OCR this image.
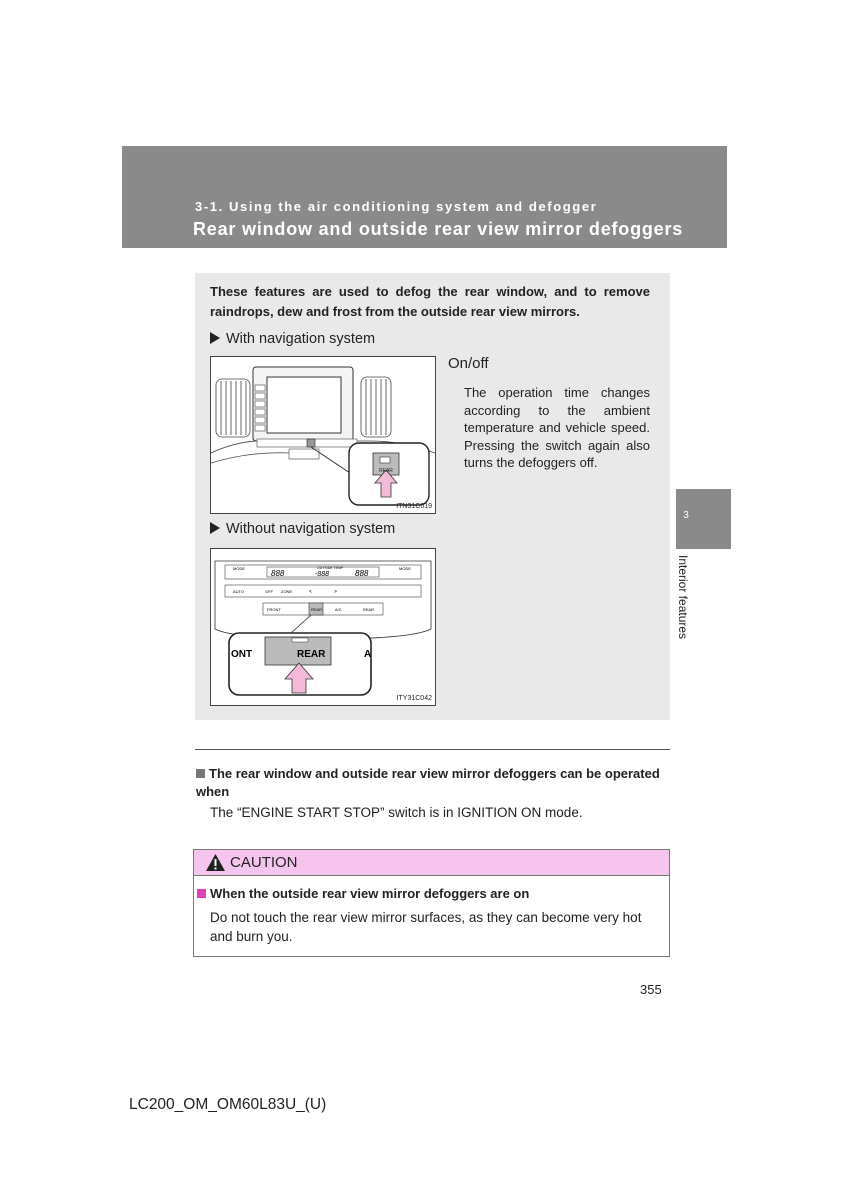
3-1. Using the air conditioning system and defogger
Rear window and outside rear view mirror defoggers
These features are used to defog the rear window, and to remove raindrops, dew and frost from the outside rear view mirrors.
With navigation system
REAR
ITN31C019
On/off
The operation time changes according to the ambient temperature and vehicle speed. Pressing the switch again also turns the defoggers off.
Without navigation system
MODE	MODE
888
OUTSIDE TEMP
-888	888
AUTO	OFF ZONE	<	>
FRONT	REAR	A/C	REAR
ONT	REAR	A
ITY31C042
3
Interior features
The rear window and outside rear view mirror defoggers can be operated when
The “ENGINE START STOP” switch is in IGNITION ON mode.
CAUTION
When the outside rear view mirror defoggers are on
Do not touch the rear view mirror surfaces, as they can become very hot and burn you.
355
LC200_OM_OM60L83U_(U)
